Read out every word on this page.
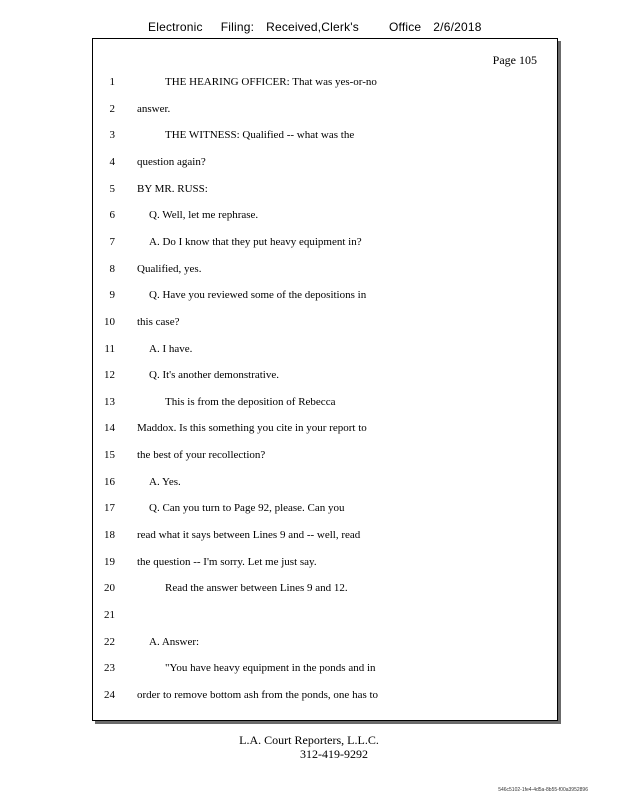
Electronic Filing: Received,Clerk's	Office 2/6/2018
Page 105
1	THE HEARING OFFICER: That was yes-or-no
2 answer.
3	THE WITNESS: Qualified -- what was the
4 question again?
5 BY MR. RUSS:
6	Q. Well, let me rephrase.
7	A. Do I know that they put heavy equipment in?
8 Qualified, yes.
9	Q. Have you reviewed some of the depositions in
10 this case?
11	A. I have.
12	Q. It's another demonstrative.
13	This is from the deposition of Rebecca
14 Maddox. Is this something you cite in your report to
15 the best of your recollection?
16	A. Yes.
17	Q. Can you turn to Page 92, please. Can you
18 read what it says between Lines 9 and -- well, read
19 the question -- I'm sorry. Let me just say.
20	Read the answer between Lines 9 and 12.
21
22	A. Answer:
23	"You have heavy equipment in the ponds and in
24 order to remove bottom ash from the ponds, one has to
L.A. Court Reporters, L.L.C.
312-419-9292
546c5102-1fe4-4d5a-8b55-f00a3952896
